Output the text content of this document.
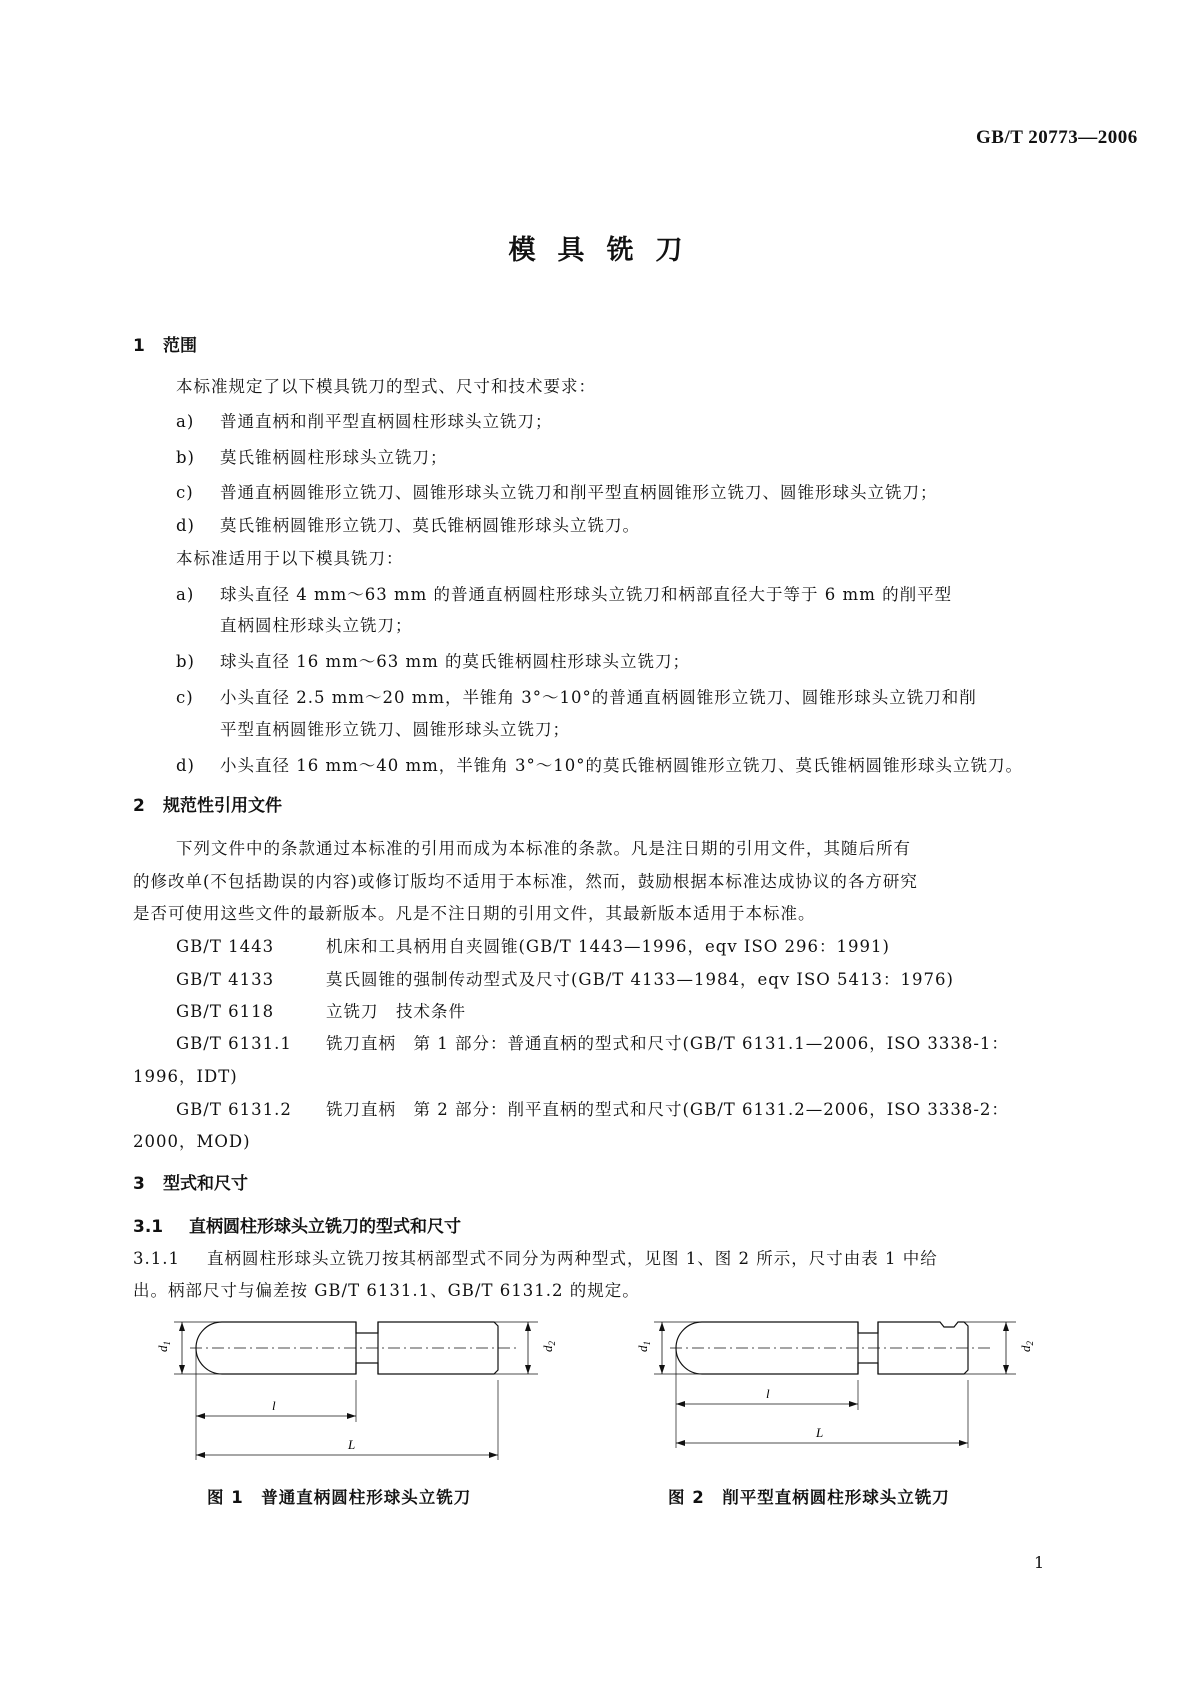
GB/T 20773—2006
模具铣刀
1 范围
本标准规定了以下模具铣刀的型式、尺寸和技术要求：
a) 普通直柄和削平型直柄圆柱形球头立铣刀；
b) 莫氏锥柄圆柱形球头立铣刀；
c) 普通直柄圆锥形立铣刀、圆锥形球头立铣刀和削平型直柄圆锥形立铣刀、圆锥形球头立铣刀；
d) 莫氏锥柄圆锥形立铣刀、莫氏锥柄圆锥形球头立铣刀。
本标准适用于以下模具铣刀：
a) 球头直径 4 mm～63 mm 的普通直柄圆柱形球头立铣刀和柄部直径大于等于 6 mm 的削平型
直柄圆柱形球头立铣刀；
b) 球头直径 16 mm～63 mm 的莫氏锥柄圆柱形球头立铣刀；
c) 小头直径 2.5 mm～20 mm，半锥角 3°～10°的普通直柄圆锥形立铣刀、圆锥形球头立铣刀和削
平型直柄圆锥形立铣刀、圆锥形球头立铣刀；
d) 小头直径 16 mm～40 mm，半锥角 3°～10°的莫氏锥柄圆锥形立铣刀、莫氏锥柄圆锥形球头立铣刀。
2 规范性引用文件
下列文件中的条款通过本标准的引用而成为本标准的条款。凡是注日期的引用文件，其随后所有
的修改单(不包括勘误的内容)或修订版均不适用于本标准，然而，鼓励根据本标准达成协议的各方研究
是否可使用这些文件的最新版本。凡是不注日期的引用文件，其最新版本适用于本标准。
GB/T 1443	机床和工具柄用自夹圆锥(GB/T 1443—1996，eqv ISO 296：1991)
GB/T 4133	莫氏圆锥的强制传动型式及尺寸(GB/T 4133—1984，eqv ISO 5413：1976)
GB/T 6118	立铣刀　技术条件
GB/T 6131.1 铣刀直柄　第 1 部分：普通直柄的型式和尺寸(GB/T 6131.1—2006，ISO 3338-1：
1996，IDT)
GB/T 6131.2 铣刀直柄　第 2 部分：削平直柄的型式和尺寸(GB/T 6131.2—2006，ISO 3338-2：
2000，MOD)
3 型式和尺寸
3.1 直柄圆柱形球头立铣刀的型式和尺寸
3.1.1 直柄圆柱形球头立铣刀按其柄部型式不同分为两种型式，见图 1、图 2 所示，尺寸由表 1 中给
出。柄部尺寸与偏差按 GB/T 6131.1、GB/T 6131.2 的规定。
$d_1$
$d_2$
l
L
图 1　普通直柄圆柱形球头立铣刀
$d_1$
$d_2$
l
L
图 2　削平型直柄圆柱形球头立铣刀
1
